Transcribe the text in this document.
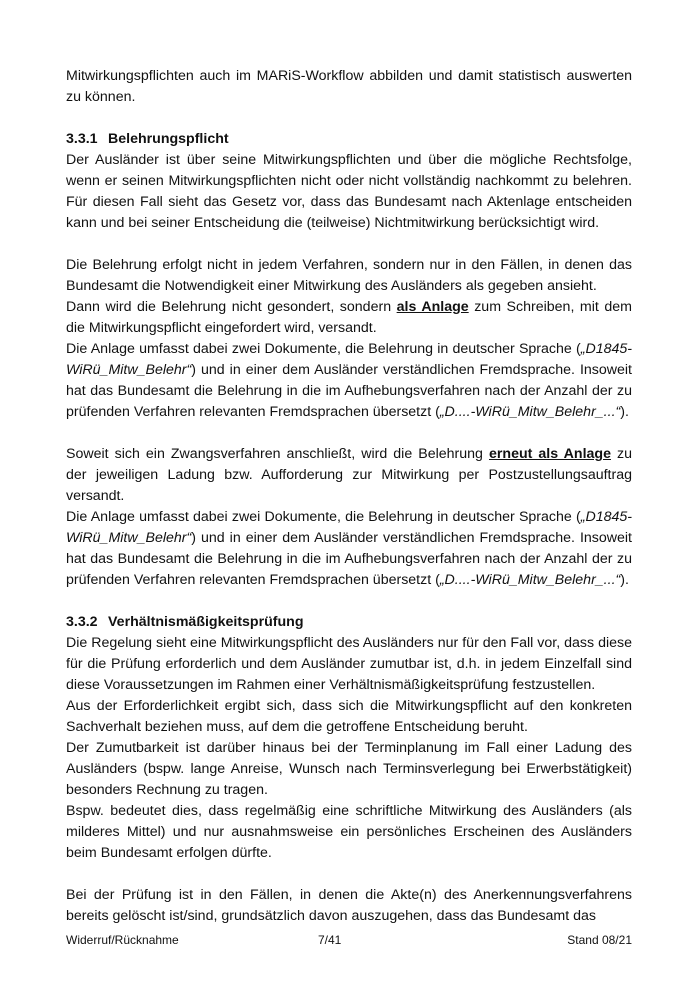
Mitwirkungspflichten auch im MARiS-Workflow abbilden und damit statistisch auswerten zu können.

3.3.1 Belehrungspflicht

Der Ausländer ist über seine Mitwirkungspflichten und über die mögliche Rechtsfolge, wenn er seinen Mitwirkungspflichten nicht oder nicht vollständig nachkommt zu belehren. Für diesen Fall sieht das Gesetz vor, dass das Bundesamt nach Aktenlage entscheiden kann und bei seiner Entscheidung die (teilweise) Nichtmitwirkung berücksichtigt wird.

Die Belehrung erfolgt nicht in jedem Verfahren, sondern nur in den Fällen, in denen das Bundesamt die Notwendigkeit einer Mitwirkung des Ausländers als gegeben ansieht.

Dann wird die Belehrung nicht gesondert, sondern als Anlage zum Schreiben, mit dem die Mitwirkungspflicht eingefordert wird, versandt.

Die Anlage umfasst dabei zwei Dokumente, die Belehrung in deutscher Sprache („D1845-WiRü_Mitw_Belehr“) und in einer dem Ausländer verständlichen Fremdsprache. Insoweit hat das Bundesamt die Belehrung in die im Aufhebungsverfahren nach der Anzahl der zu prüfenden Verfahren relevanten Fremdsprachen übersetzt („D....-WiRü_Mitw_Belehr_...“).

Soweit sich ein Zwangsverfahren anschließt, wird die Belehrung erneut als Anlage zu der jeweiligen Ladung bzw. Aufforderung zur Mitwirkung per Postzustellungsauftrag versandt.

Die Anlage umfasst dabei zwei Dokumente, die Belehrung in deutscher Sprache („D1845-WiRü_Mitw_Belehr“) und in einer dem Ausländer verständlichen Fremdsprache. Insoweit hat das Bundesamt die Belehrung in die im Aufhebungsverfahren nach der Anzahl der zu prüfenden Verfahren relevanten Fremdsprachen übersetzt („D....-WiRü_Mitw_Belehr_...“).

3.3.2 Verhältnismäßigkeitsprüfung

Die Regelung sieht eine Mitwirkungspflicht des Ausländers nur für den Fall vor, dass diese für die Prüfung erforderlich und dem Ausländer zumutbar ist, d.h. in jedem Einzelfall sind diese Voraussetzungen im Rahmen einer Verhältnismäßigkeitsprüfung festzustellen.

Aus der Erforderlichkeit ergibt sich, dass sich die Mitwirkungspflicht auf den konkreten Sachverhalt beziehen muss, auf dem die getroffene Entscheidung beruht.

Der Zumutbarkeit ist darüber hinaus bei der Terminplanung im Fall einer Ladung des Ausländers (bspw. lange Anreise, Wunsch nach Terminsverlegung bei Erwerbstätigkeit) besonders Rechnung zu tragen.

Bspw. bedeutet dies, dass regelmäßig eine schriftliche Mitwirkung des Ausländers (als milderes Mittel) und nur ausnahmsweise ein persönliches Erscheinen des Ausländers beim Bundesamt erfolgen dürfte.

Bei der Prüfung ist in den Fällen, in denen die Akte(n) des Anerkennungsverfahrens bereits gelöscht ist/sind, grundsätzlich davon auszugehen, dass das Bundesamt das

Widerruf/Rücknahme	7/41	Stand 08/21
